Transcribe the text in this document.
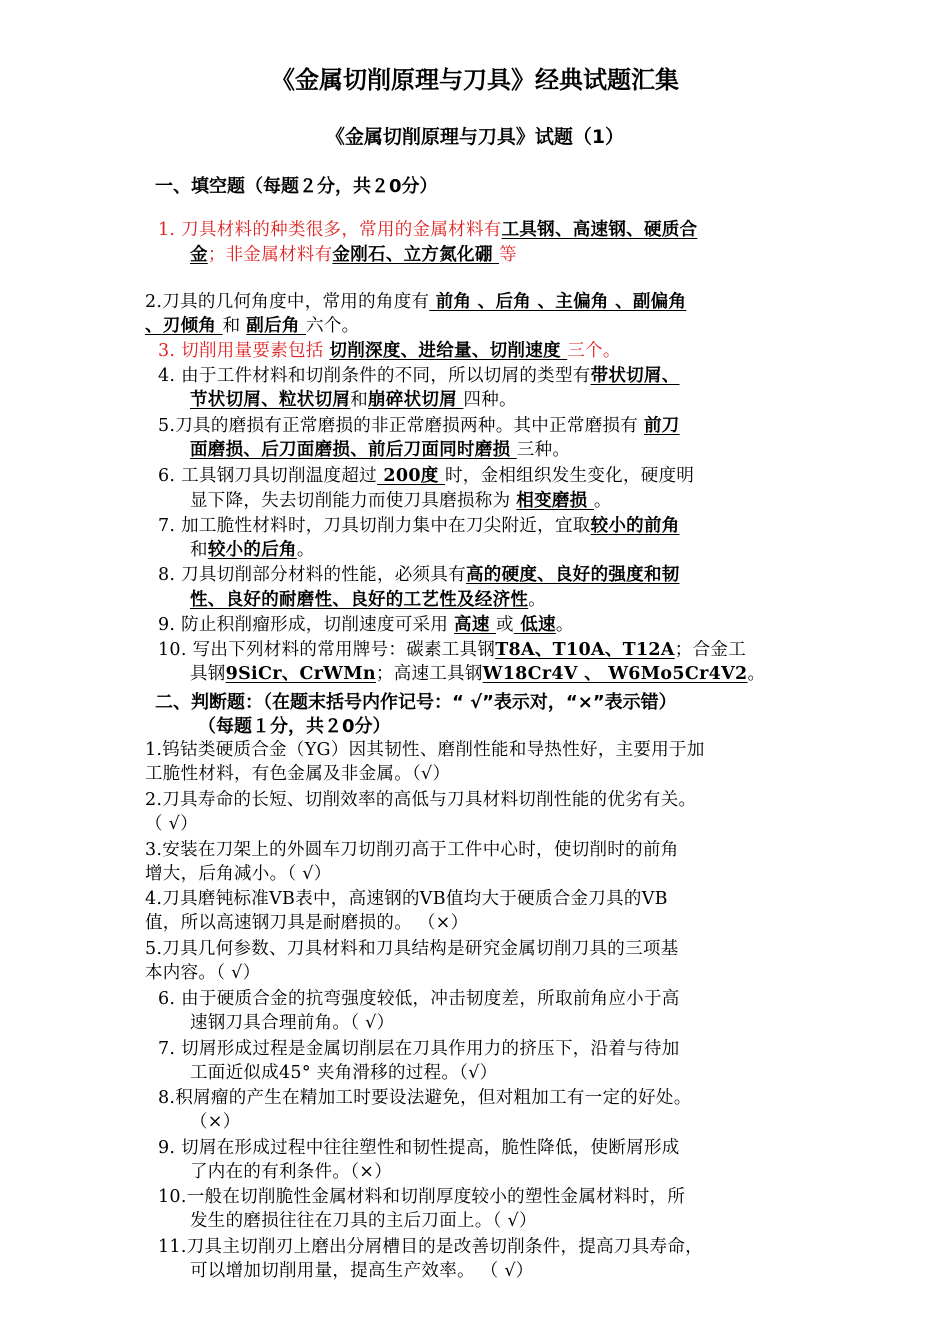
《金属切削原理与刀具》经典试题汇集
《金属切削原理与刀具》试题（1）
一、填空题（每题２分，共２0分）
1. 刀具材料的种类很多，常用的金属材料有工具钢、高速钢、硬质合
金；非金属材料有金刚石、立方氮化硼 等
2.刀具的几何角度中，常用的角度有 前角 、后角 、主偏角 、副偏角
、刃倾角 和 副后角 六个。
3. 切削用量要素包括 切削深度、进给量、切削速度 三个。
4. 由于工件材料和切削条件的不同，所以切屑的类型有带状切屑、
节状切屑、粒状切屑和崩碎状切屑 四种。
5.刀具的磨损有正常磨损的非正常磨损两种。其中正常磨损有 前刀
面磨损、后刀面磨损、前后刀面同时磨损 三种。
6. 工具钢刀具切削温度超过 200度 时，金相组织发生变化，硬度明
显下降，失去切削能力而使刀具磨损称为 相变磨损 。
7. 加工脆性材料时，刀具切削力集中在刀尖附近，宜取较小的前角
和较小的后角。
8. 刀具切削部分材料的性能，必须具有高的硬度、良好的强度和韧
性、良好的耐磨性、良好的工艺性及经济性。
9. 防止积削瘤形成，切削速度可采用 高速 或 低速。
10. 写出下列材料的常用牌号：碳素工具钢T8A、T10A、T12A；合金工
具钢9SiCr、CrWMn；高速工具钢W18Cr4V 、 W6Mo5Cr4V2。
二、判断题：（在题末括号内作记号：“ √”表示对，“×”表示错）
（每题１分，共２0分）
1.钨钴类硬质合金（YG）因其韧性、磨削性能和导热性好，主要用于加
工脆性材料，有色金属及非金属。（√）
2.刀具寿命的长短、切削效率的高低与刀具材料切削性能的优劣有关。
（ √）
3.安装在刀架上的外圆车刀切削刃高于工件中心时，使切削时的前角
增大，后角减小。（ √）
4.刀具磨钝标准VB表中，高速钢的VB值均大于硬质合金刀具的VB
值，所以高速钢刀具是耐磨损的。 （×）
5.刀具几何参数、刀具材料和刀具结构是研究金属切削刀具的三项基
本内容。（ √）
6. 由于硬质合金的抗弯强度较低，冲击韧度差，所取前角应小于高
速钢刀具合理前角。（ √）
7. 切屑形成过程是金属切削层在刀具作用力的挤压下，沿着与待加
工面近似成45° 夹角滑移的过程。（√）
8.积屑瘤的产生在精加工时要设法避免，但对粗加工有一定的好处。
（×）
9. 切屑在形成过程中往往塑性和韧性提高，脆性降低，使断屑形成
了内在的有利条件。（×）
10.一般在切削脆性金属材料和切削厚度较小的塑性金属材料时，所
发生的磨损往往在刀具的主后刀面上。（ √）
11.刀具主切削刃上磨出分屑槽目的是改善切削条件，提高刀具寿命，
可以增加切削用量，提高生产效率。 （ √）
